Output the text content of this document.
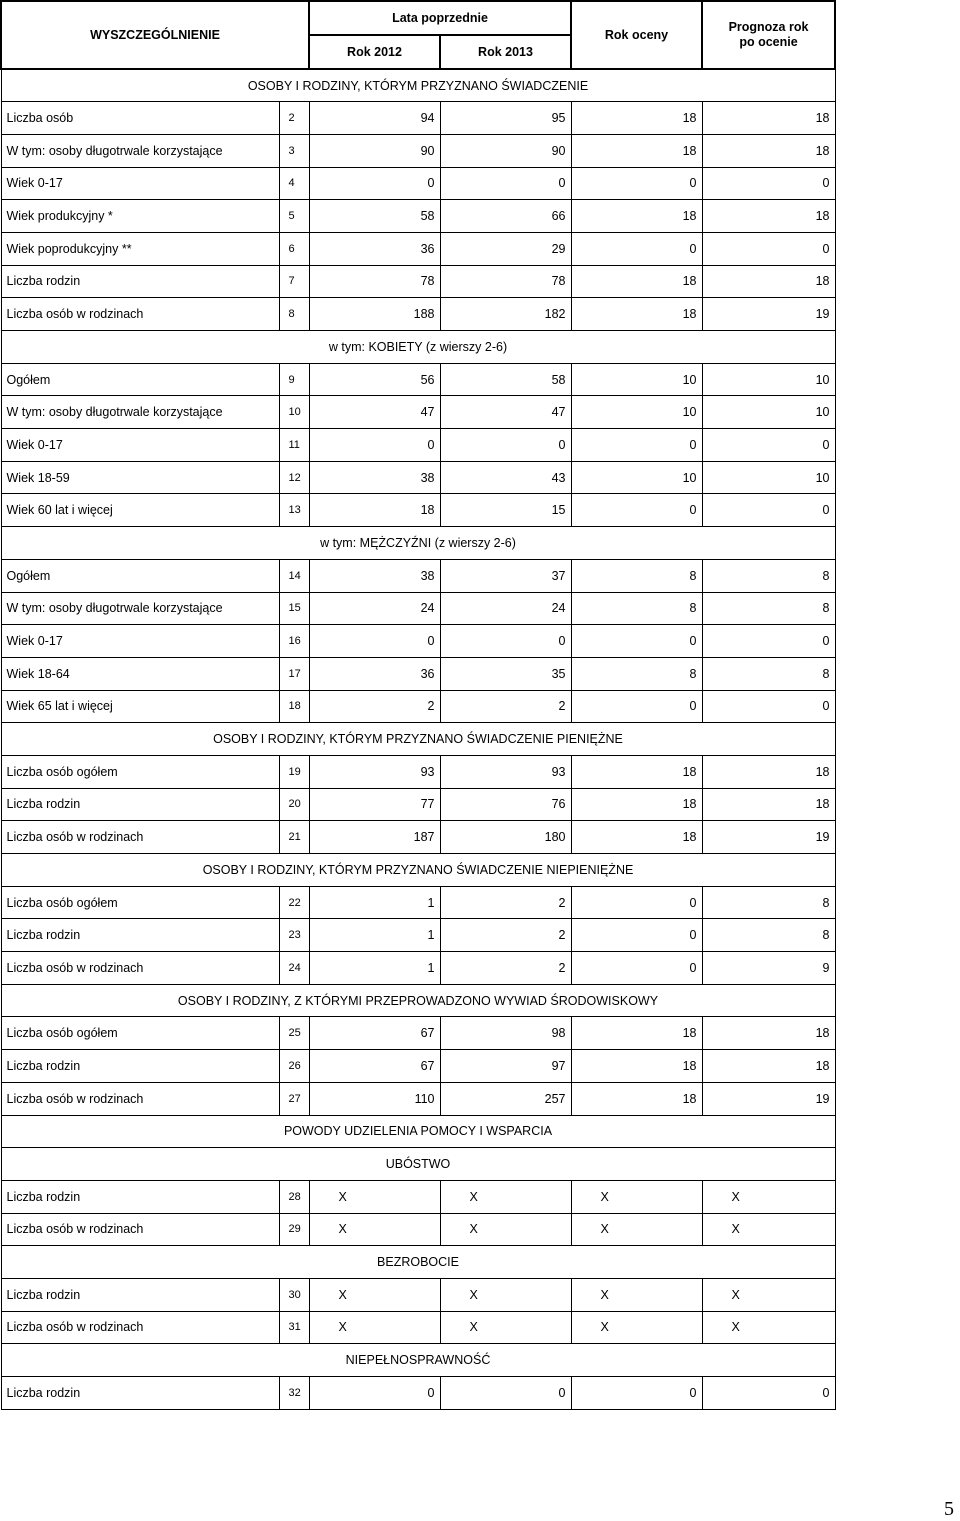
WYSZCZEGÓLNIENIE		Lata poprzednie		Rok oceny	Prognoza rok po ocenie
		Rok 2012	Rok 2013		
OSOBY I RODZINY, KTÓRYM PRZYZNANO ŚWIADCZENIE					
Liczba osób	2	94	95	18	18
W tym: osoby długotrwale korzystające	3	90	90	18	18
Wiek 0-17	4	0	0	0	0
Wiek produkcyjny *	5	58	66	18	18
Wiek poprodukcyjny **	6	36	29	0	0
Liczba rodzin	7	78	78	18	18
Liczba osób w rodzinach	8	188	182	18	19
w tym: KOBIETY (z wierszy 2-6)					
Ogółem	9	56	58	10	10
W tym: osoby długotrwale korzystające	10	47	47	10	10
Wiek 0-17	11	0	0	0	0
Wiek 18-59	12	38	43	10	10
Wiek 60 lat i więcej	13	18	15	0	0
w tym: MĘŻCZYŹNI (z wierszy 2-6)					
Ogółem	14	38	37	8	8
W tym: osoby długotrwale korzystające	15	24	24	8	8
Wiek 0-17	16	0	0	0	0
Wiek 18-64	17	36	35	8	8
Wiek 65 lat i więcej	18	2	2	0	0
OSOBY I RODZINY, KTÓRYM PRZYZNANO ŚWIADCZENIE PIENIĘŻNE					
Liczba osób ogółem	19	93	93	18	18
Liczba rodzin	20	77	76	18	18
Liczba osób w rodzinach	21	187	180	18	19
OSOBY I RODZINY, KTÓRYM PRZYZNANO ŚWIADCZENIE NIEPIENIĘŻNE					
Liczba osób ogółem	22	1	2	0	8
Liczba rodzin	23	1	2	0	8
Liczba osób w rodzinach	24	1	2	0	9
OSOBY I RODZINY, Z KTÓRYMI PRZEPROWADZONO WYWIAD ŚRODOWISKOWY					
Liczba osób ogółem	25	67	98	18	18
Liczba rodzin	26	67	97	18	18
Liczba osób w rodzinach	27	110	257	18	19
POWODY UDZIELENIA POMOCY I WSPARCIA					
UBÓSTWO					
Liczba rodzin	28	X	X	X	X
Liczba osób w rodzinach	29	X	X	X	X
BEZROBOCIE					
Liczba rodzin	30	X	X	X	X
Liczba osób w rodzinach	31	X	X	X	X
NIEPEŁNOSPRAWNOŚĆ					
Liczba rodzin	32	0	0	0	0
5
